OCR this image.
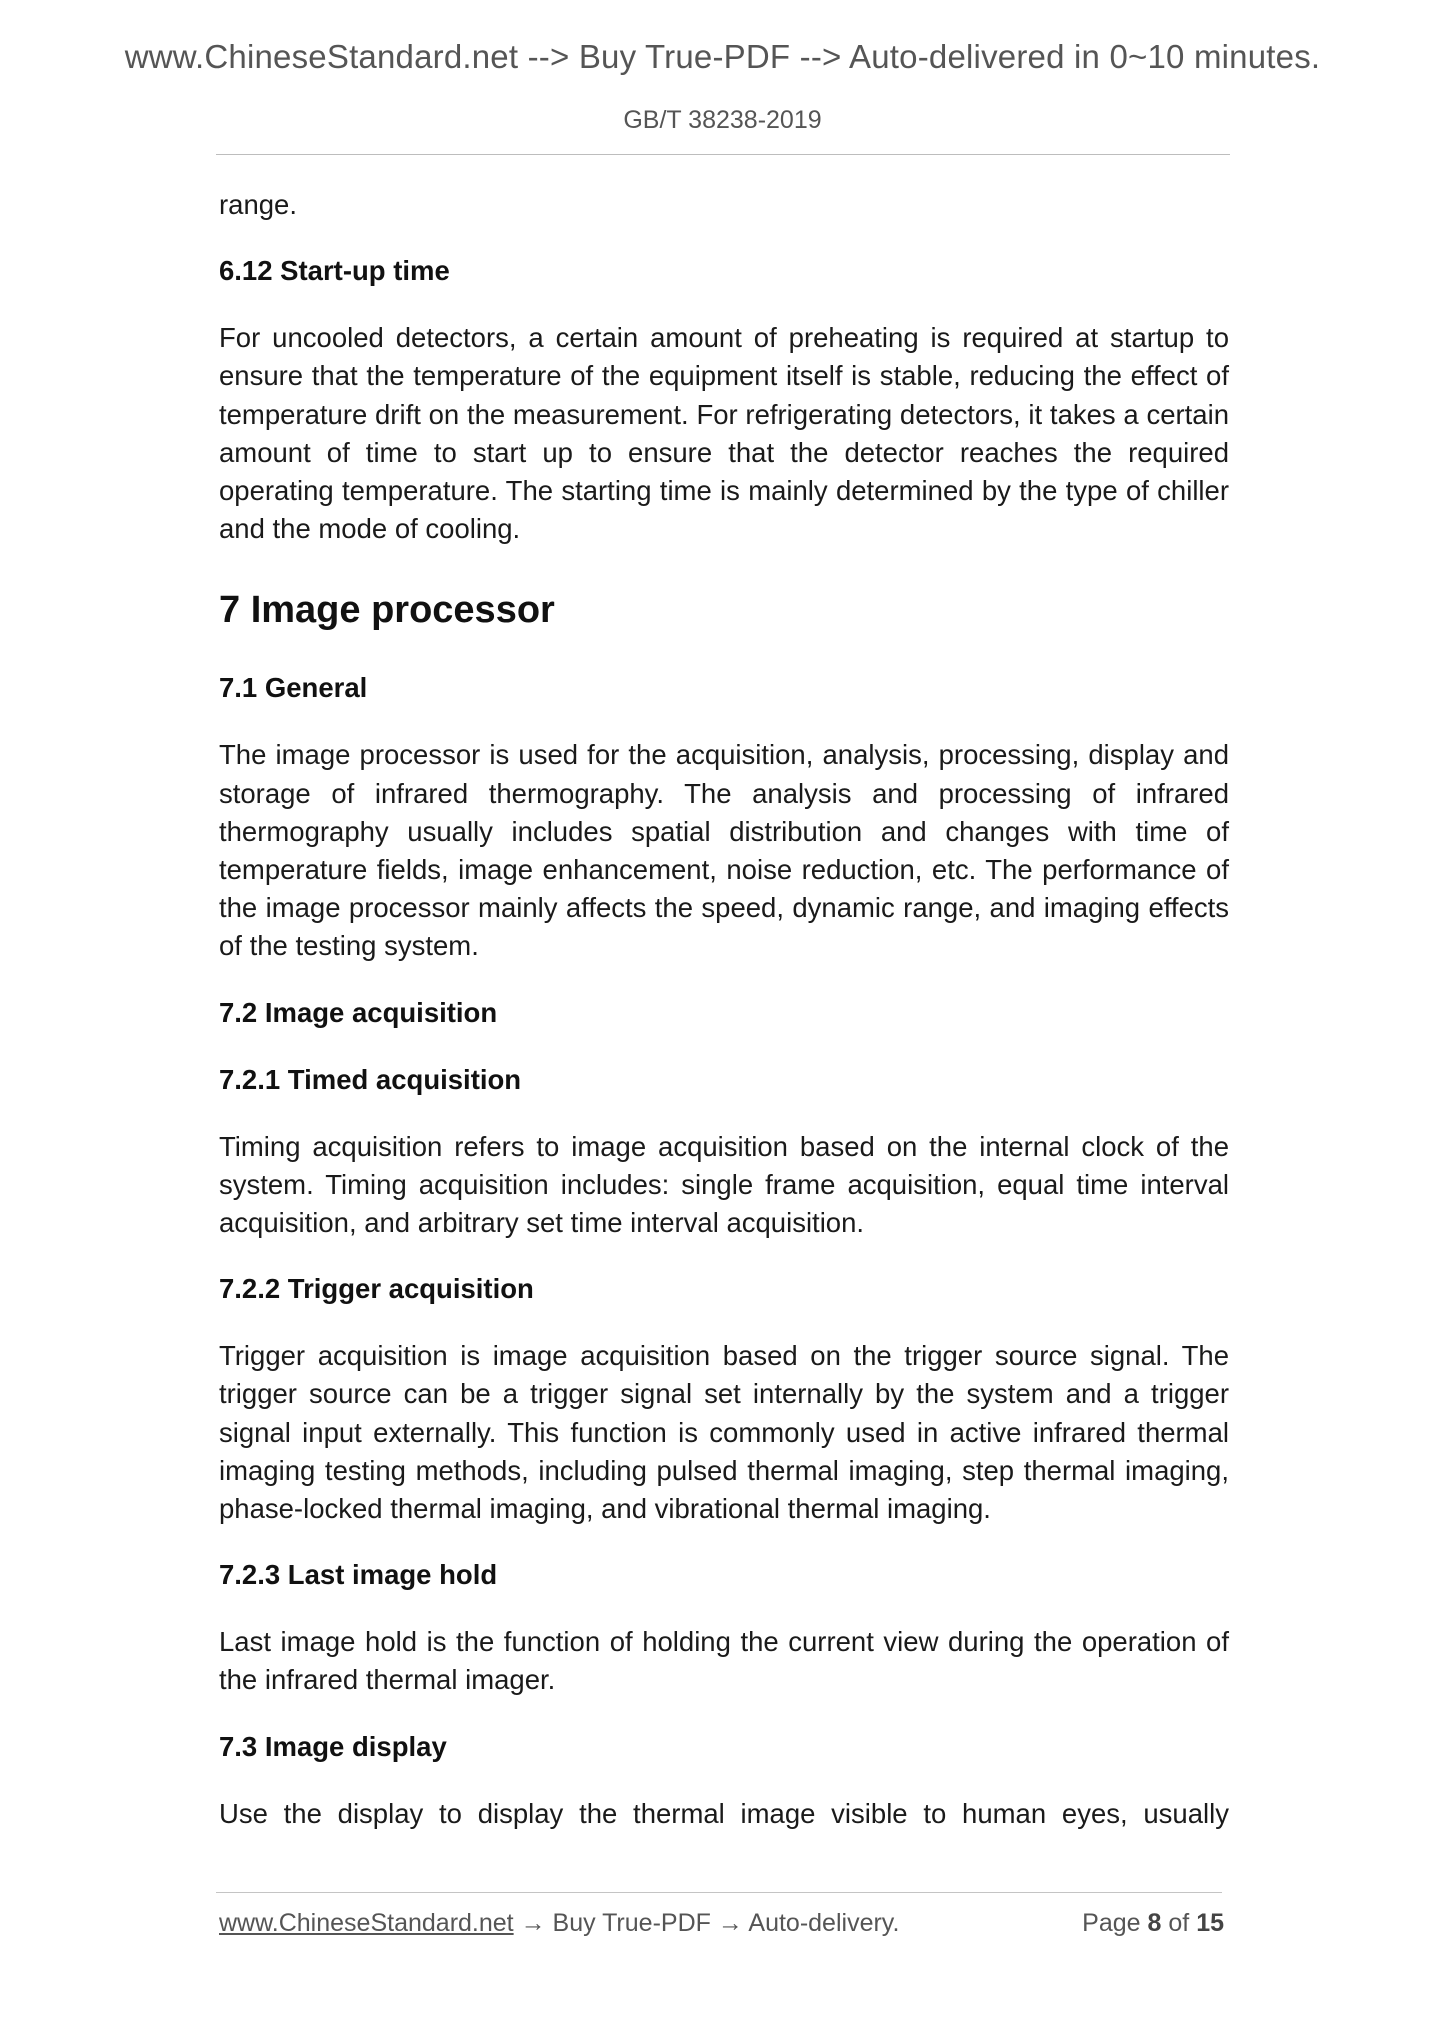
www.ChineseStandard.net --> Buy True-PDF --> Auto-delivered in 0~10 minutes.
GB/T 38238-2019

range.

6.12 Start-up time

For uncooled detectors, a certain amount of preheating is required at startup to ensure that the temperature of the equipment itself is stable, reducing the effect of temperature drift on the measurement. For refrigerating detectors, it takes a certain amount of time to start up to ensure that the detector reaches the required operating temperature. The starting time is mainly determined by the type of chiller and the mode of cooling.

7 Image processor

7.1 General

The image processor is used for the acquisition, analysis, processing, display and storage of infrared thermography. The analysis and processing of infrared thermography usually includes spatial distribution and changes with time of temperature fields, image enhancement, noise reduction, etc. The performance of the image processor mainly affects the speed, dynamic range, and imaging effects of the testing system.

7.2 Image acquisition

7.2.1 Timed acquisition

Timing acquisition refers to image acquisition based on the internal clock of the system. Timing acquisition includes: single frame acquisition, equal time interval acquisition, and arbitrary set time interval acquisition.

7.2.2 Trigger acquisition

Trigger acquisition is image acquisition based on the trigger source signal. The trigger source can be a trigger signal set internally by the system and a trigger signal input externally. This function is commonly used in active infrared thermal imaging testing methods, including pulsed thermal imaging, step thermal imaging, phase-locked thermal imaging, and vibrational thermal imaging.

7.2.3 Last image hold

Last image hold is the function of holding the current view during the operation of the infrared thermal imager.

7.3 Image display

Use the display to display the thermal image visible to human eyes, usually

www.ChineseStandard.net → Buy True-PDF → Auto-delivery.	Page 8 of 15
